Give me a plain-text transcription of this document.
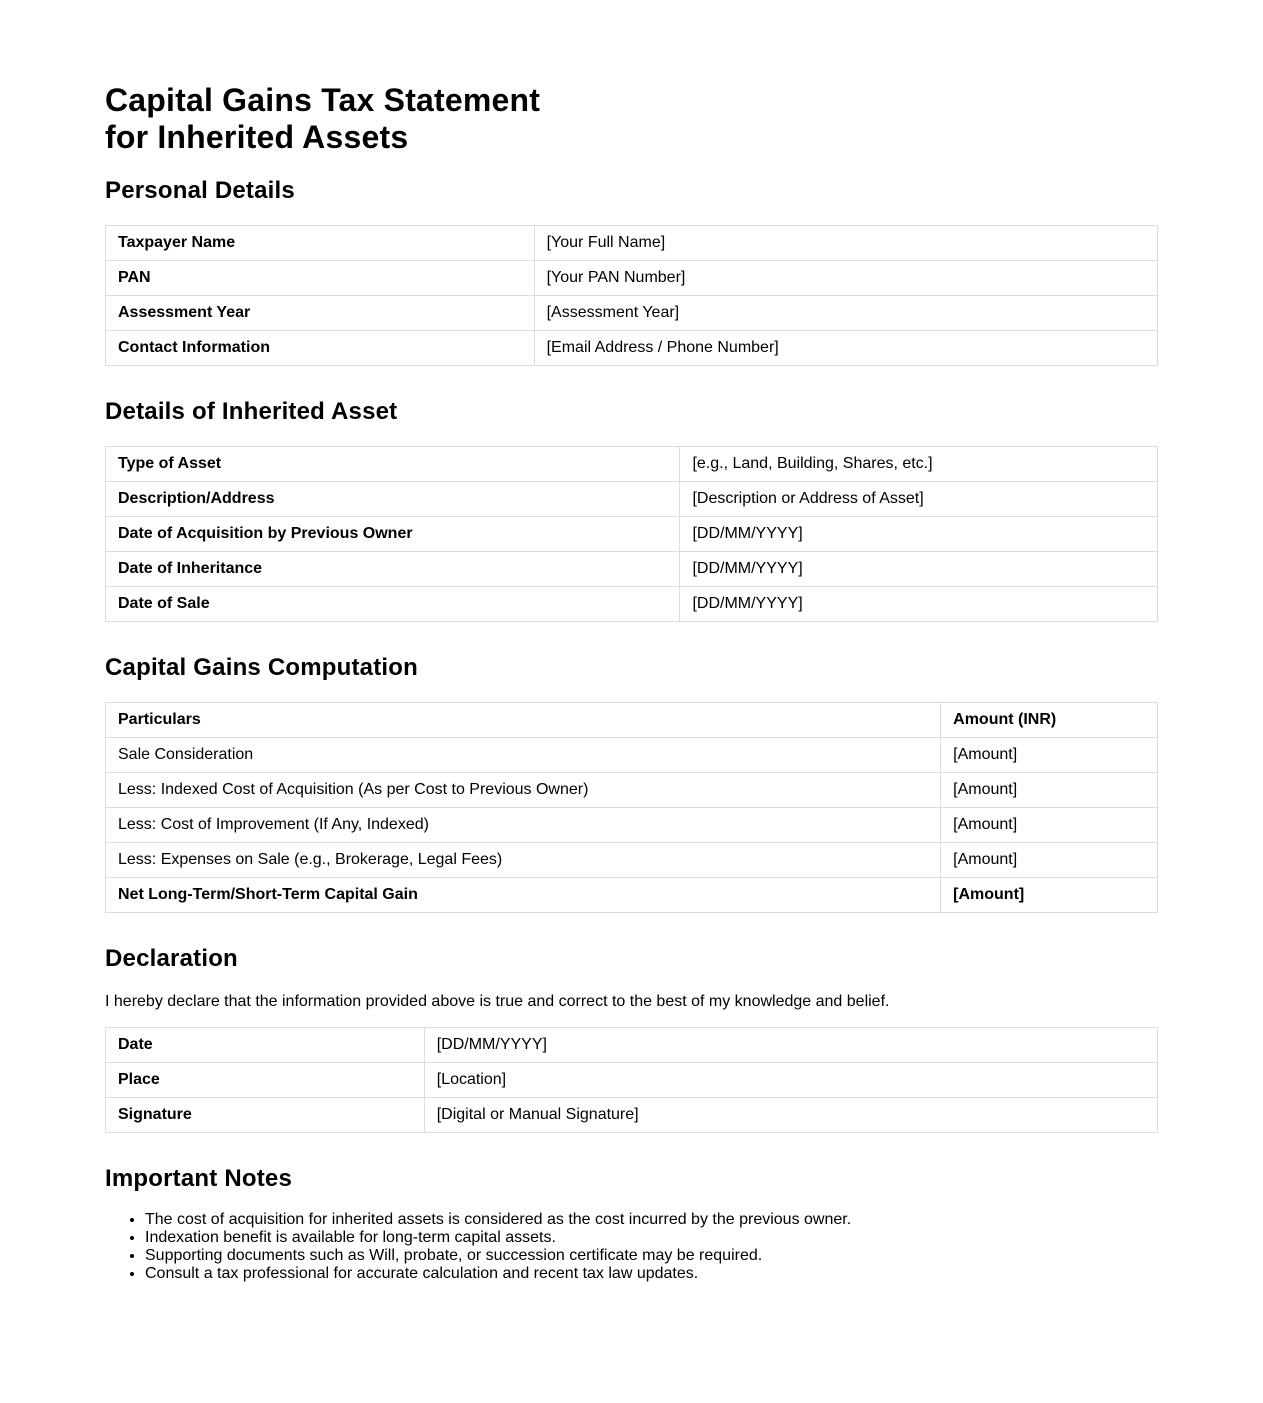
Capital Gains Tax Statement
for Inherited Assets
Personal Details
Taxpayer Name	[Your Full Name]
PAN	[Your PAN Number]
Assessment Year	[Assessment Year]
Contact Information	[Email Address / Phone Number]
Details of Inherited Asset
Type of Asset	[e.g., Land, Building, Shares, etc.]
Description/Address	[Description or Address of Asset]
Date of Acquisition by Previous Owner	[DD/MM/YYYY]
Date of Inheritance	[DD/MM/YYYY]
Date of Sale	[DD/MM/YYYY]
Capital Gains Computation
Particulars	Amount (INR)
Sale Consideration	[Amount]
Less: Indexed Cost of Acquisition (As per Cost to Previous Owner)	[Amount]
Less: Cost of Improvement (If Any, Indexed)	[Amount]
Less: Expenses on Sale (e.g., Brokerage, Legal Fees)	[Amount]
Net Long-Term/Short-Term Capital Gain	[Amount]
Declaration

I hereby declare that the information provided above is true and correct to the best of my knowledge and belief.

Date	[DD/MM/YYYY]
Place	[Location]
Signature	[Digital or Manual Signature]
Important Notes
• The cost of acquisition for inherited assets is considered as the cost incurred by the previous owner.
• Indexation benefit is available for long-term capital assets.
• Supporting documents such as Will, probate, or succession certificate may be required.
• Consult a tax professional for accurate calculation and recent tax law updates.
